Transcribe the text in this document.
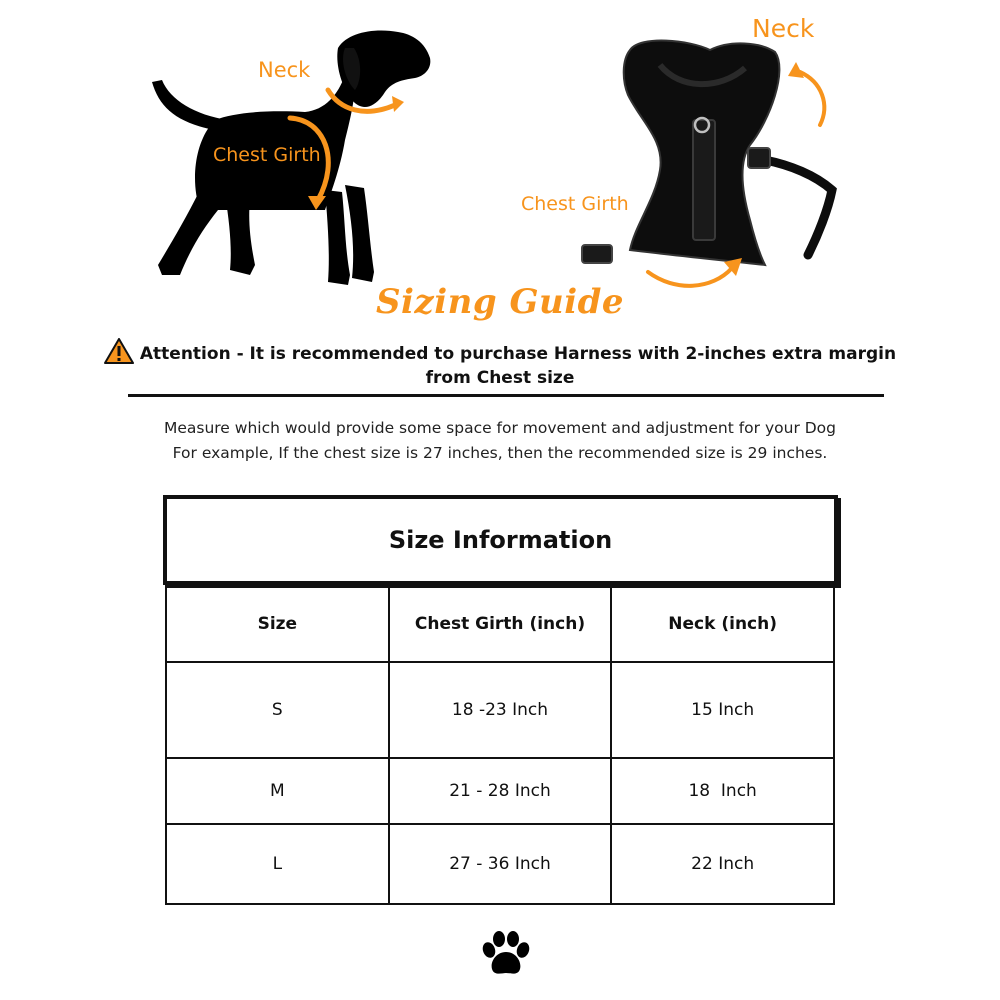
Neck
Chest Girth
Neck
Chest Girth
Sizing Guide
Attention - It is recommended to purchase Harness with 2-inches extra margin from Chest size
Measure which would provide some space for movement and adjustment for your Dog
For example, If the chest size is 27 inches, then the recommended size is 29 inches.
Size Information
Size	Chest Girth (inch)	Neck (inch)
S	18 -23 Inch	15 Inch
M	21 - 28 Inch	18  Inch
L	27 - 36 Inch	22 Inch
